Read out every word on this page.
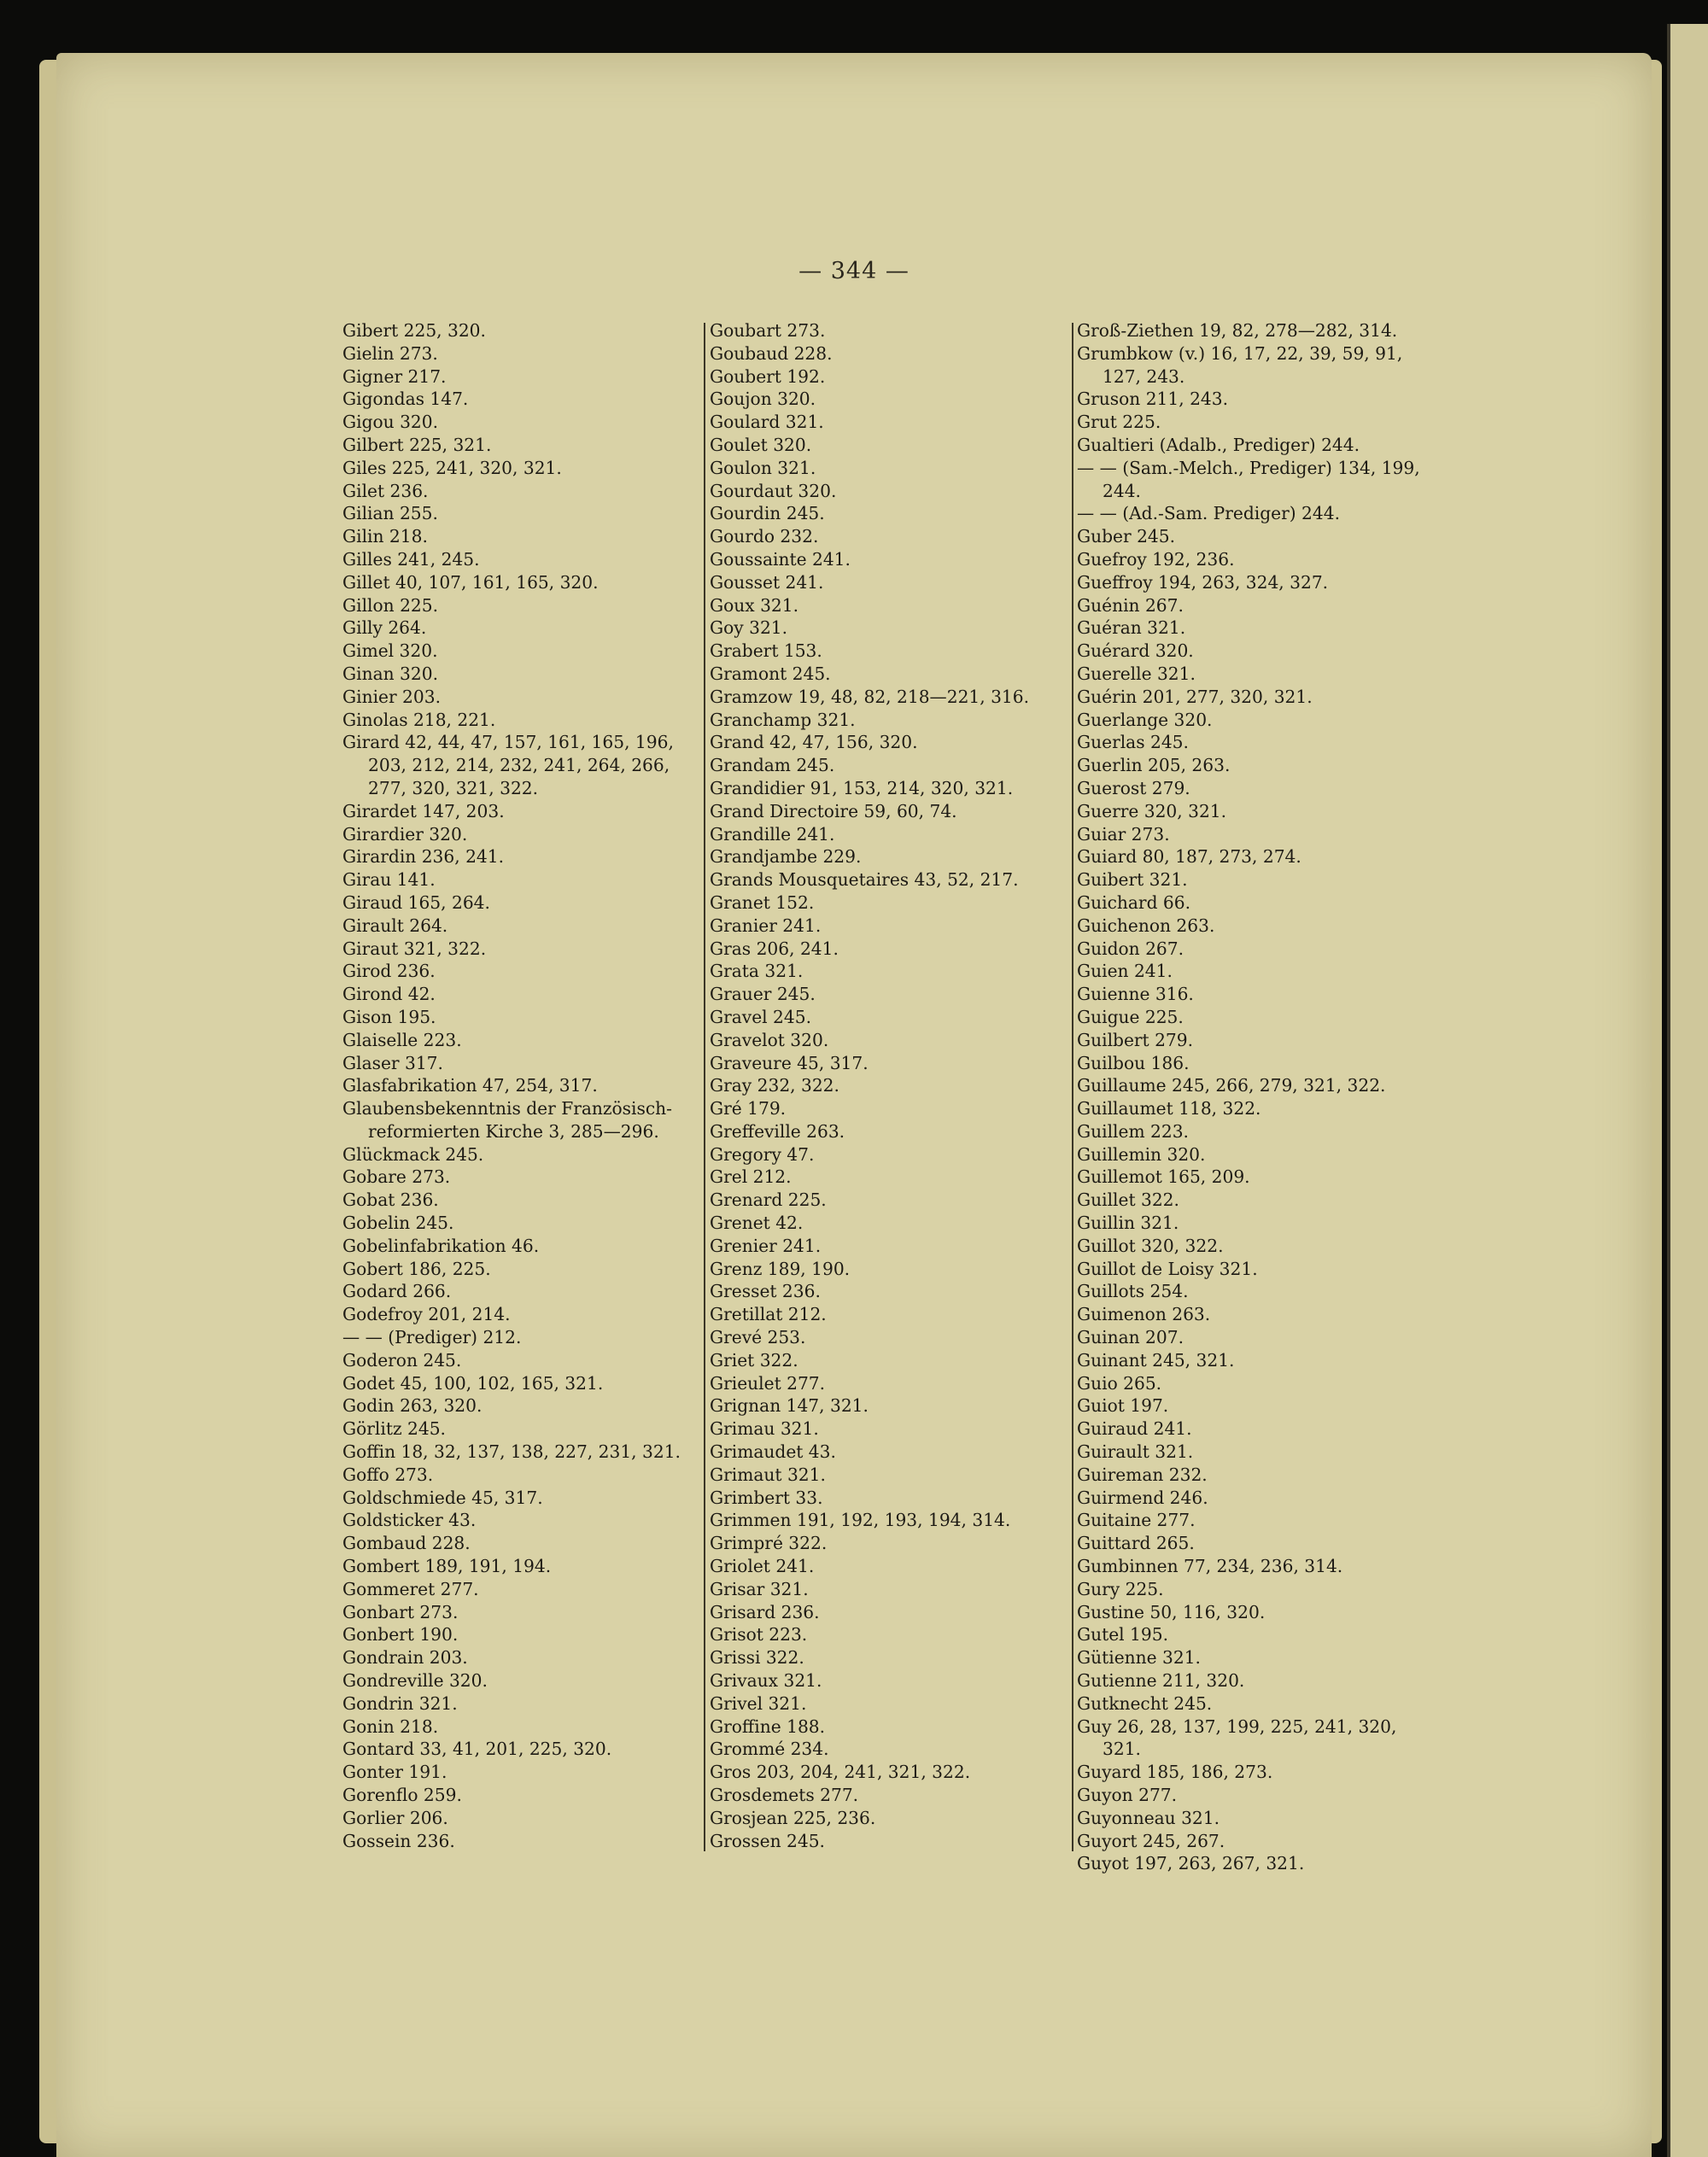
— 344 —
Gibert 225, 320.
Gielin 273.
Gigner 217.
Gigondas 147.
Gigou 320.
Gilbert 225, 321.
Giles 225, 241, 320, 321.
Gilet 236.
Gilian 255.
Gilin 218.
Gilles 241, 245.
Gillet 40, 107, 161, 165, 320.
Gillon 225.
Gilly 264.
Gimel 320.
Ginan 320.
Ginier 203.
Ginolas 218, 221.
Girard 42, 44, 47, 157, 161, 165, 196, 203, 212, 214, 232, 241, 264, 266, 277, 320, 321, 322.
Girardet 147, 203.
Girardier 320.
Girardin 236, 241.
Girau 141.
Giraud 165, 264.
Girault 264.
Giraut 321, 322.
Girod 236.
Girond 42.
Gison 195.
Glaiselle 223.
Glaser 317.
Glasfabrikation 47, 254, 317.
Glaubensbekenntnis der Französisch-reformierten Kirche 3, 285—296.
Glückmack 245.
Gobare 273.
Gobat 236.
Gobelin 245.
Gobelinfabrikation 46.
Gobert 186, 225.
Godard 266.
Godefroy 201, 214.
— — (Prediger) 212.
Goderon 245.
Godet 45, 100, 102, 165, 321.
Godin 263, 320.
Görlitz 245.
Goffin 18, 32, 137, 138, 227, 231, 321.
Goffo 273.
Goldschmiede 45, 317.
Goldsticker 43.
Gombaud 228.
Gombert 189, 191, 194.
Gommeret 277.
Gonbart 273.
Gonbert 190.
Gondrain 203.
Gondreville 320.
Gondrin 321.
Gonin 218.
Gontard 33, 41, 201, 225, 320.
Gonter 191.
Gorenflo 259.
Gorlier 206.
Gossein 236.
Goubart 273.
Goubaud 228.
Goubert 192.
Goujon 320.
Goulard 321.
Goulet 320.
Goulon 321.
Gourdaut 320.
Gourdin 245.
Gourdo 232.
Goussainte 241.
Gousset 241.
Goux 321.
Goy 321.
Grabert 153.
Gramont 245.
Gramzow 19, 48, 82, 218—221, 316.
Granchamp 321.
Grand 42, 47, 156, 320.
Grandam 245.
Grandidier 91, 153, 214, 320, 321.
Grand Directoire 59, 60, 74.
Grandille 241.
Grandjambe 229.
Grands Mousquetaires 43, 52, 217.
Granet 152.
Granier 241.
Gras 206, 241.
Grata 321.
Grauer 245.
Gravel 245.
Gravelot 320.
Graveure 45, 317.
Gray 232, 322.
Gré 179.
Greffeville 263.
Gregory 47.
Grel 212.
Grenard 225.
Grenet 42.
Grenier 241.
Grenz 189, 190.
Gresset 236.
Gretillat 212.
Grevé 253.
Griet 322.
Grieulet 277.
Grignan 147, 321.
Grimau 321.
Grimaudet 43.
Grimaut 321.
Grimbert 33.
Grimmen 191, 192, 193, 194, 314.
Grimpré 322.
Griolet 241.
Grisar 321.
Grisard 236.
Grisot 223.
Grissi 322.
Grivaux 321.
Grivel 321.
Groffine 188.
Grommé 234.
Gros 203, 204, 241, 321, 322.
Grosdemets 277.
Grosjean 225, 236.
Grossen 245.
Groß-Ziethen 19, 82, 278—282, 314.
Grumbkow (v.) 16, 17, 22, 39, 59, 91, 127, 243.
Gruson 211, 243.
Grut 225.
Gualtieri (Adalb., Prediger) 244.
— — (Sam.-Melch., Prediger) 134, 199, 244.
— — (Ad.-Sam. Prediger) 244.
Guber 245.
Guefroy 192, 236.
Gueffroy 194, 263, 324, 327.
Guénin 267.
Guéran 321.
Guérard 320.
Guerelle 321.
Guérin 201, 277, 320, 321.
Guerlange 320.
Guerlas 245.
Guerlin 205, 263.
Guerost 279.
Guerre 320, 321.
Guiar 273.
Guiard 80, 187, 273, 274.
Guibert 321.
Guichard 66.
Guichenon 263.
Guidon 267.
Guien 241.
Guienne 316.
Guigue 225.
Guilbert 279.
Guilbou 186.
Guillaume 245, 266, 279, 321, 322.
Guillaumet 118, 322.
Guillem 223.
Guillemin 320.
Guillemot 165, 209.
Guillet 322.
Guillin 321.
Guillot 320, 322.
Guillot de Loisy 321.
Guillots 254.
Guimenon 263.
Guinan 207.
Guinant 245, 321.
Guio 265.
Guiot 197.
Guiraud 241.
Guirault 321.
Guireman 232.
Guirmend 246.
Guitaine 277.
Guittard 265.
Gumbinnen 77, 234, 236, 314.
Gury 225.
Gustine 50, 116, 320.
Gutel 195.
Gütienne 321.
Gutienne 211, 320.
Gutknecht 245.
Guy 26, 28, 137, 199, 225, 241, 320, 321.
Guyard 185, 186, 273.
Guyon 277.
Guyonneau 321.
Guyort 245, 267.
Guyot 197, 263, 267, 321.
